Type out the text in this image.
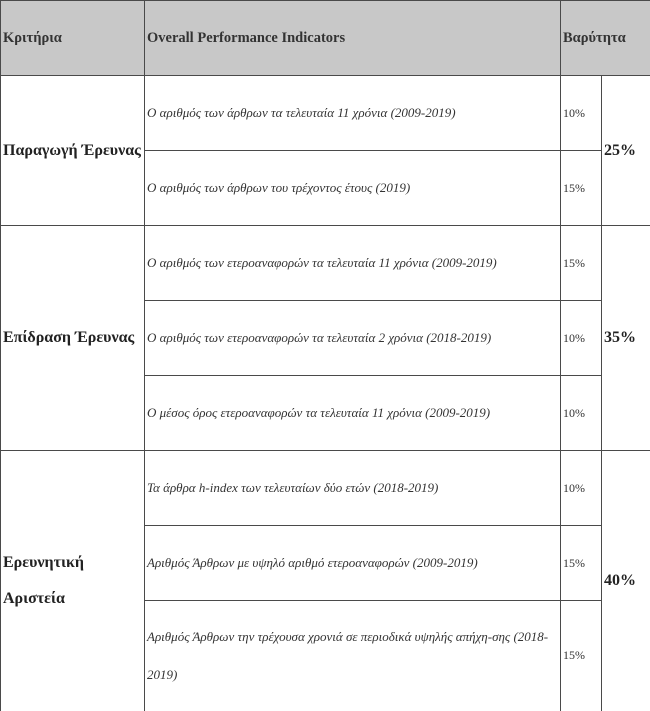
Κριτήρια	Overall Performance Indicators	Βαρύτητα	
Παραγωγή Έρευνας	Ο αριθμός των άρθρων τα τελευταία 11 χρόνια (2009-2019)	10%	25%
	Ο αριθμός των άρθρων του τρέχοντος έτους (2019)	15%	
Επίδραση Έρευνας	Ο αριθμός των ετεροαναφορών τα τελευταία 11 χρόνια (2009-2019)	15%	35%
	Ο αριθμός των ετεροαναφορών τα τελευταία 2 χρόνια (2018-2019)	10%	
	Ο μέσος όρος ετεροαναφορών τα τελευταία 11 χρόνια (2009-2019)	10%	
Ερευνητική Αριστεία	Τα άρθρα h-index των τελευταίων δύο ετών (2018-2019)	10%	40%
	Αριθμός Άρθρων με υψηλό αριθμό ετεροαναφορών (2009-2019)	15%	
	Αριθμός Άρθρων την τρέχουσα χρονιά σε περιοδικά υψηλής απήχη-σης (2018-2019)	15%	
